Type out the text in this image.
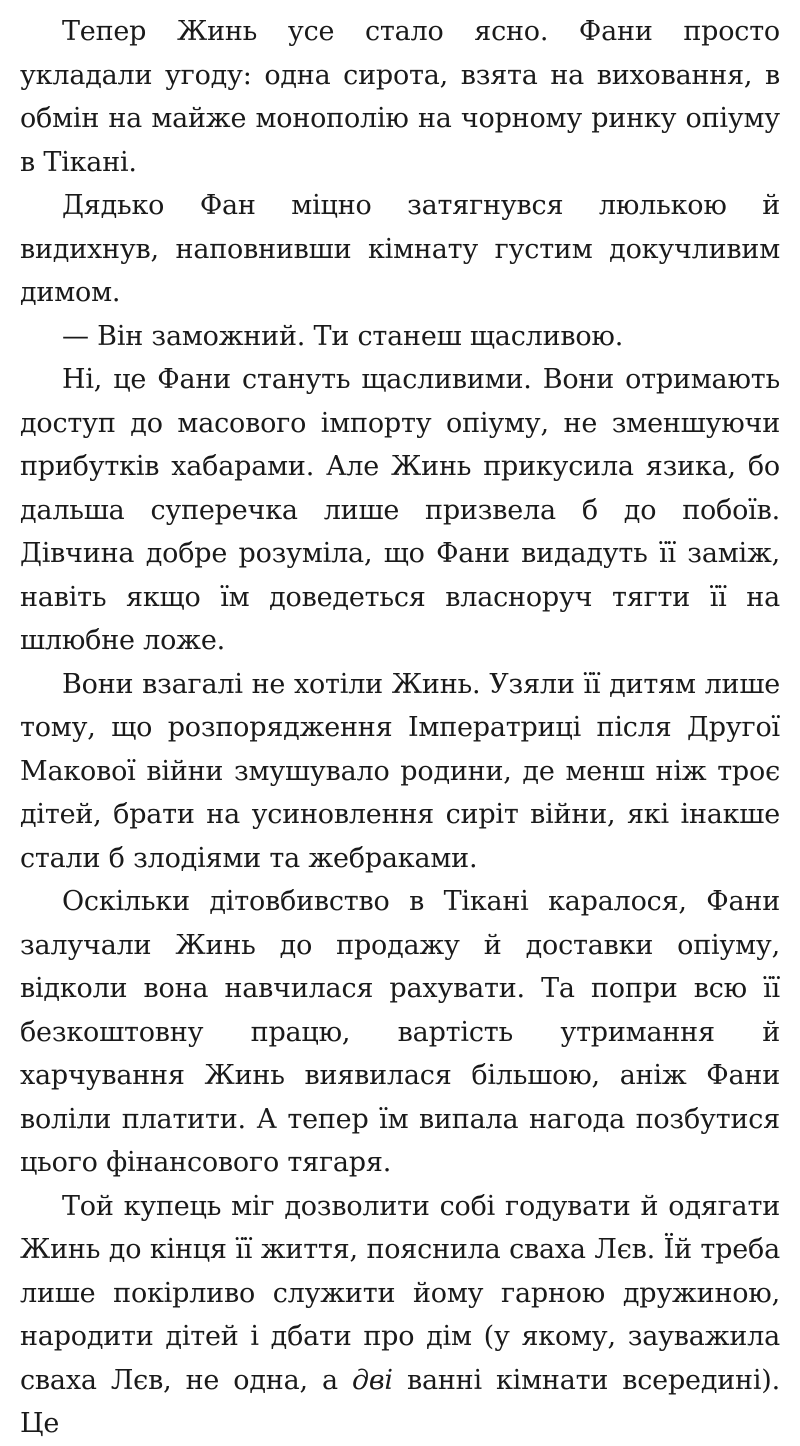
Тепер Жинь усе стало ясно. Фани просто укладали угоду: одна сирота, взята на виховання, в обмін на майже монополію на чорному ринку опіуму в Тікані.

Дядько Фан міцно затягнувся люлькою й видихнув, наповнивши кімнату густим докучливим димом.

— Він заможний. Ти станеш щасливою.

Ні, це Фани стануть щасливими. Вони отримають доступ до масового імпорту опіуму, не зменшуючи прибутків хабарами. Але Жинь прикусила язика, бо дальша суперечка лише призвела б до побоїв. Дівчина добре розуміла, що Фани видадуть її заміж, навіть якщо їм доведеться власноруч тягти її на шлюбне ложе.

Вони взагалі не хотіли Жинь. Узяли її дитям лише тому, що розпорядження Імператриці після Другої Макової війни змушувало родини, де менш ніж троє дітей, брати на усиновлення сиріт війни, які інакше стали б злодіями та жебраками.

Оскільки дітовбивство в Тікані каралося, Фани залучали Жинь до продажу й доставки опіуму, відколи вона навчилася рахувати. Та попри всю її безкоштовну працю, вартість утримання й харчування Жинь виявилася більшою, аніж Фани воліли платити. А тепер їм випала нагода позбутися цього фінансового тягаря.

Той купець міг дозволити собі годувати й одягати Жинь до кінця її життя, пояснила сваха Лєв. Їй треба лише покірливо служити йому гарною дружиною, народити дітей і дбати про дім (у якому, зауважила сваха Лєв, не одна, а дві ванні кімнати всередині). Це
